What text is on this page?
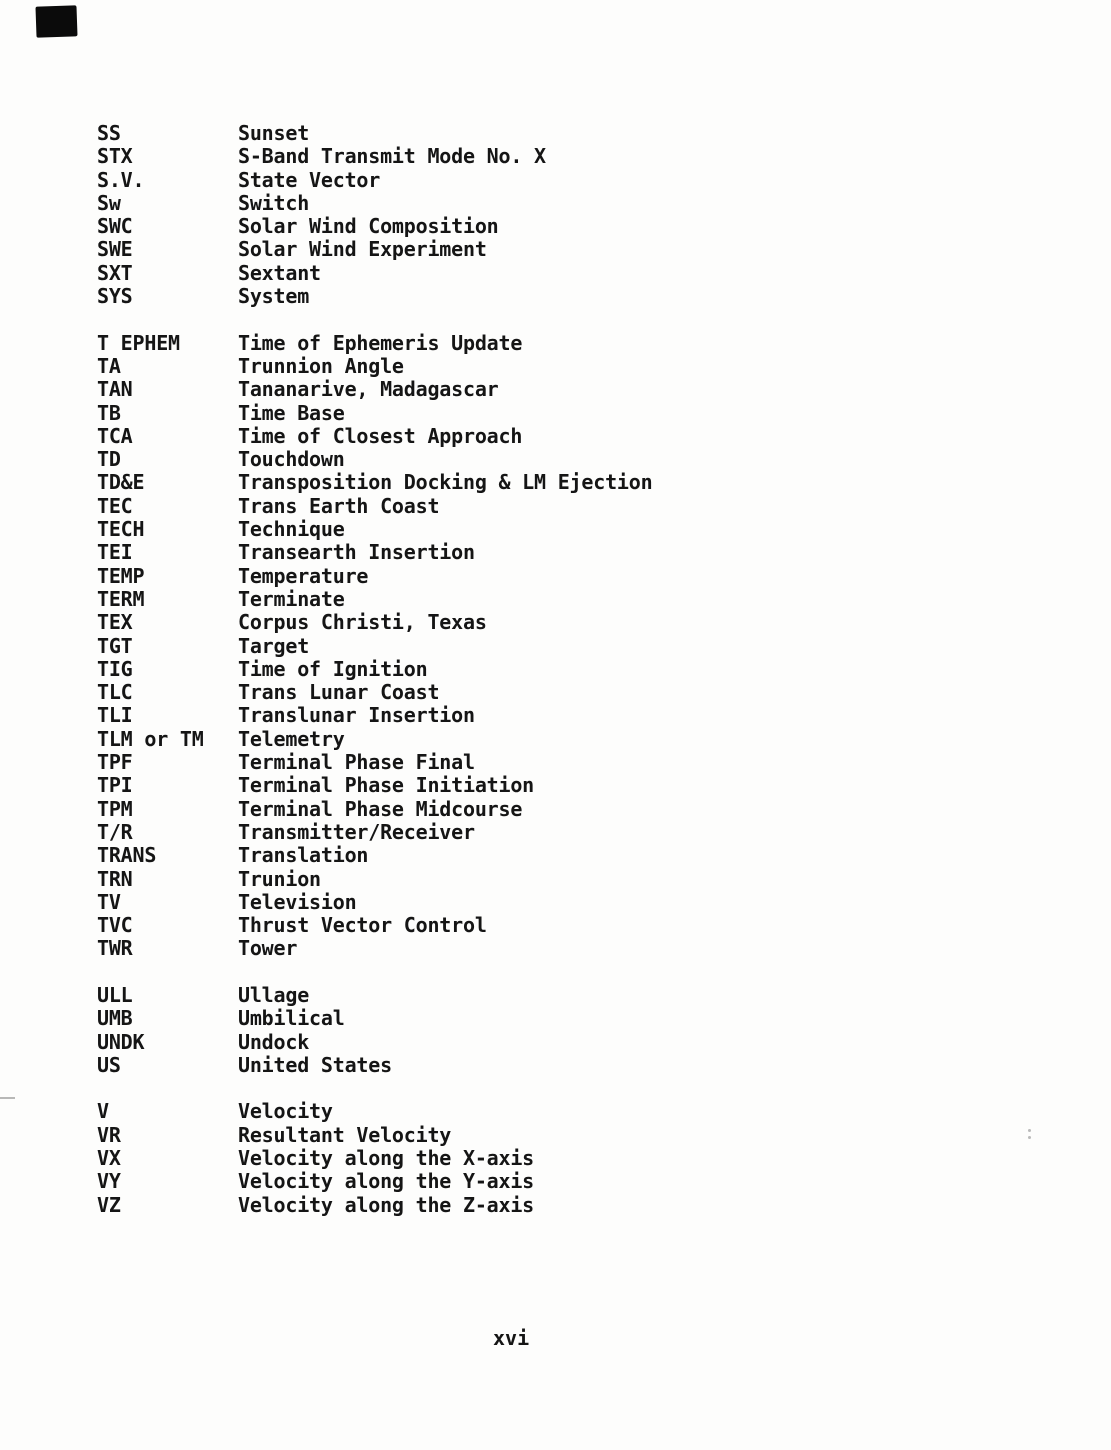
SS	Sunset
STX	S-Band Transmit Mode No. X
S.V.	State Vector
Sw	Switch
SWC	Solar Wind Composition
SWE	Solar Wind Experiment
SXT	Sextant
SYS	System
T EPHEM	Time of Ephemeris Update
TA	Trunnion Angle
TAN	Tananarive, Madagascar
TB	Time Base
TCA	Time of Closest Approach
TD	Touchdown
TD&E	Transposition Docking & LM Ejection
TEC	Trans Earth Coast
TECH	Technique
TEI	Transearth Insertion
TEMP	Temperature
TERM	Terminate
TEX	Corpus Christi, Texas
TGT	Target
TIG	Time of Ignition
TLC	Trans Lunar Coast
TLI	Translunar Insertion
TLM or TM	Telemetry
TPF	Terminal Phase Final
TPI	Terminal Phase Initiation
TPM	Terminal Phase Midcourse
T/R	Transmitter/Receiver
TRANS	Translation
TRN	Trunion
TV	Television
TVC	Thrust Vector Control
TWR	Tower
ULL	Ullage
UMB	Umbilical
UNDK	Undock
US	United States
V	Velocity
VR	Resultant Velocity
VX	Velocity along the X-axis
VY	Velocity along the Y-axis
VZ	Velocity along the Z-axis
xvi
